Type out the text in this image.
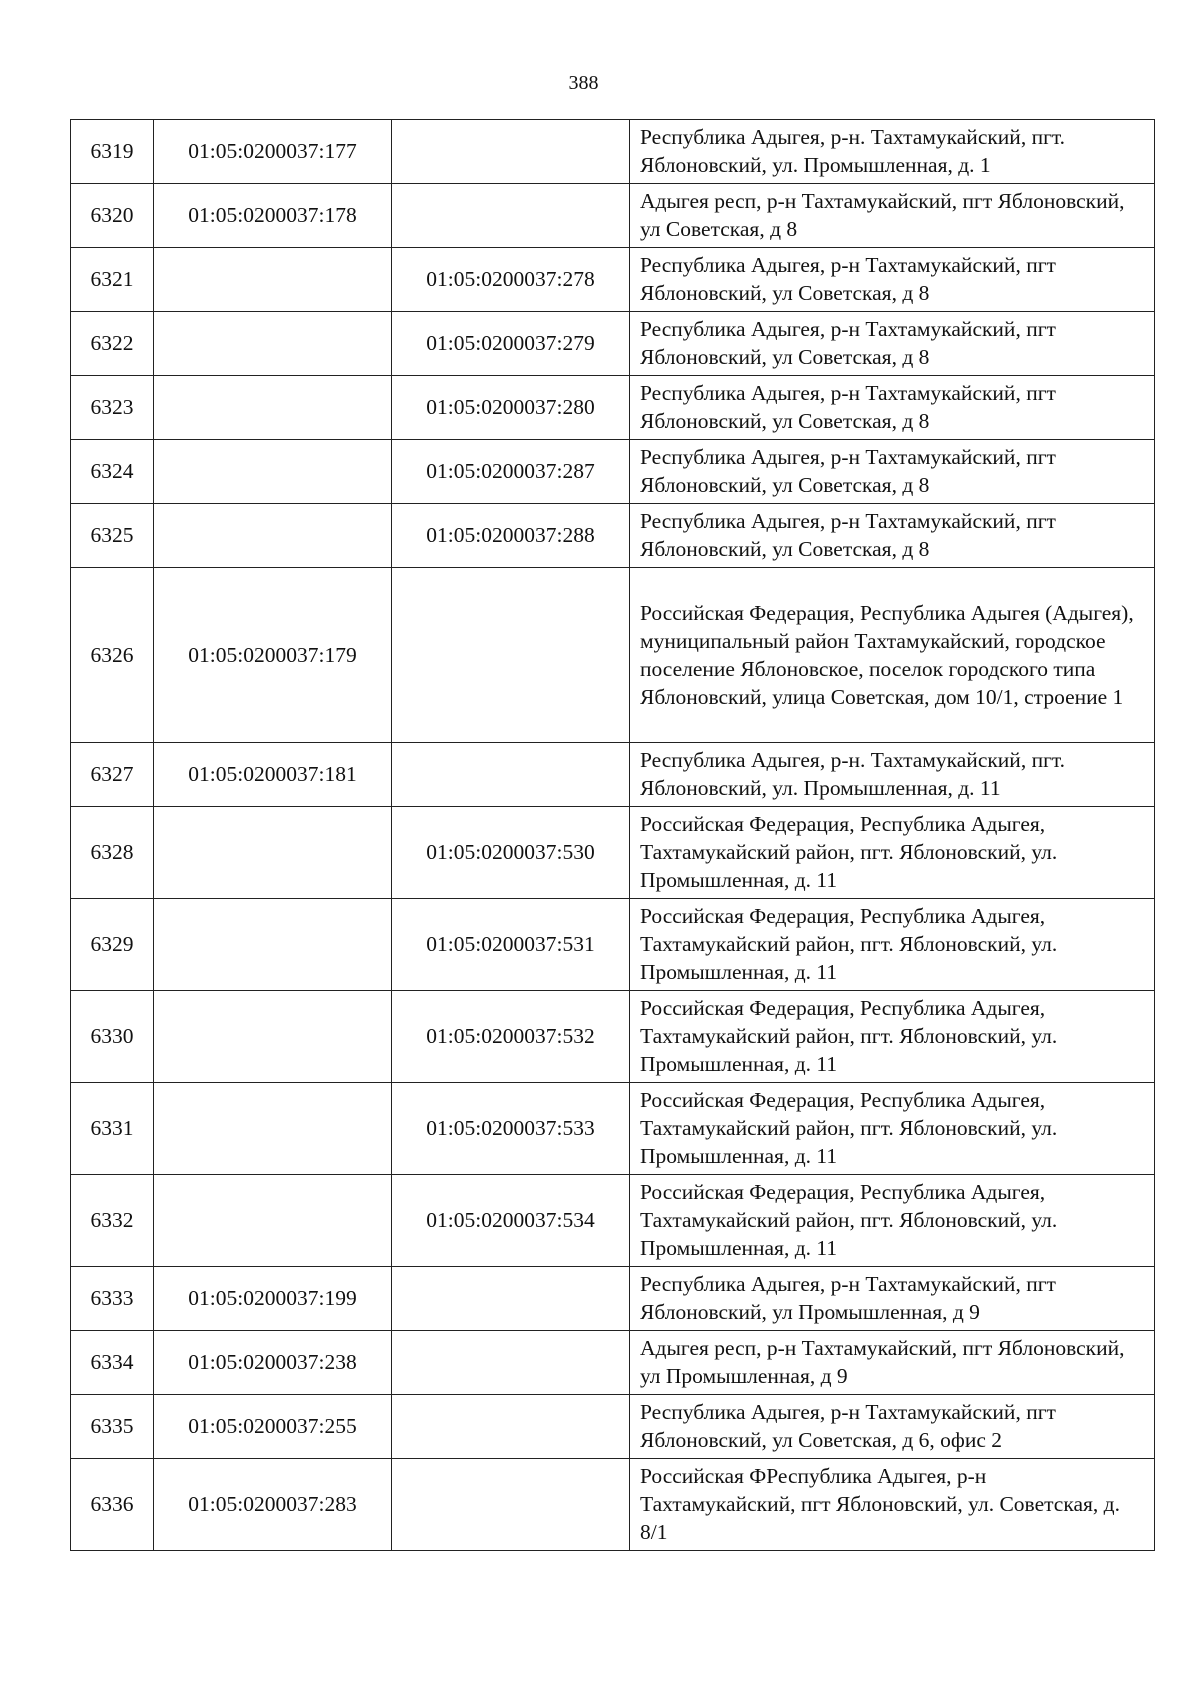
388
6319	01:05:0200037:177		Республика Адыгея, р-н. Тахтамукайский, пгт. Яблоновский, ул. Промышленная, д. 1
6320	01:05:0200037:178		Адыгея респ, р-н Тахтамукайский, пгт Яблоновский, ул Советская, д 8
6321		01:05:0200037:278	Республика Адыгея, р-н Тахтамукайский, пгт Яблоновский, ул Советская, д 8
6322		01:05:0200037:279	Республика Адыгея, р-н Тахтамукайский, пгт Яблоновский, ул Советская, д 8
6323		01:05:0200037:280	Республика Адыгея, р-н Тахтамукайский, пгт Яблоновский, ул Советская, д 8
6324		01:05:0200037:287	Республика Адыгея, р-н Тахтамукайский, пгт Яблоновский, ул Советская, д 8
6325		01:05:0200037:288	Республика Адыгея, р-н Тахтамукайский, пгт Яблоновский, ул Советская, д 8
6326	01:05:0200037:179		Российская Федерация, Республика Адыгея (Адыгея), муниципальный район Тахтамукайский, городское поселение Яблоновское, поселок городского типа Яблоновский, улица Советская, дом 10/1, строение 1
6327	01:05:0200037:181		Республика Адыгея, р-н. Тахтамукайский, пгт. Яблоновский, ул. Промышленная, д. 11
6328		01:05:0200037:530	Российская Федерация, Республика Адыгея, Тахтамукайский район, пгт. Яблоновский, ул. Промышленная, д. 11
6329		01:05:0200037:531	Российская Федерация, Республика Адыгея, Тахтамукайский район, пгт. Яблоновский, ул. Промышленная, д. 11
6330		01:05:0200037:532	Российская Федерация, Республика Адыгея, Тахтамукайский район, пгт. Яблоновский, ул. Промышленная, д. 11
6331		01:05:0200037:533	Российская Федерация, Республика Адыгея, Тахтамукайский район, пгт. Яблоновский, ул. Промышленная, д. 11
6332		01:05:0200037:534	Российская Федерация, Республика Адыгея, Тахтамукайский район, пгт. Яблоновский, ул. Промышленная, д. 11
6333	01:05:0200037:199		Республика Адыгея, р-н Тахтамукайский, пгт Яблоновский, ул Промышленная, д 9
6334	01:05:0200037:238		Адыгея респ, р-н Тахтамукайский, пгт Яблоновский, ул Промышленная, д 9
6335	01:05:0200037:255		Республика Адыгея, р-н Тахтамукайский, пгт Яблоновский, ул Советская, д 6, офис 2
6336	01:05:0200037:283		Российская ФРеспублика Адыгея, р-н Тахтамукайский, пгт Яблоновский, ул. Советская, д. 8/1
